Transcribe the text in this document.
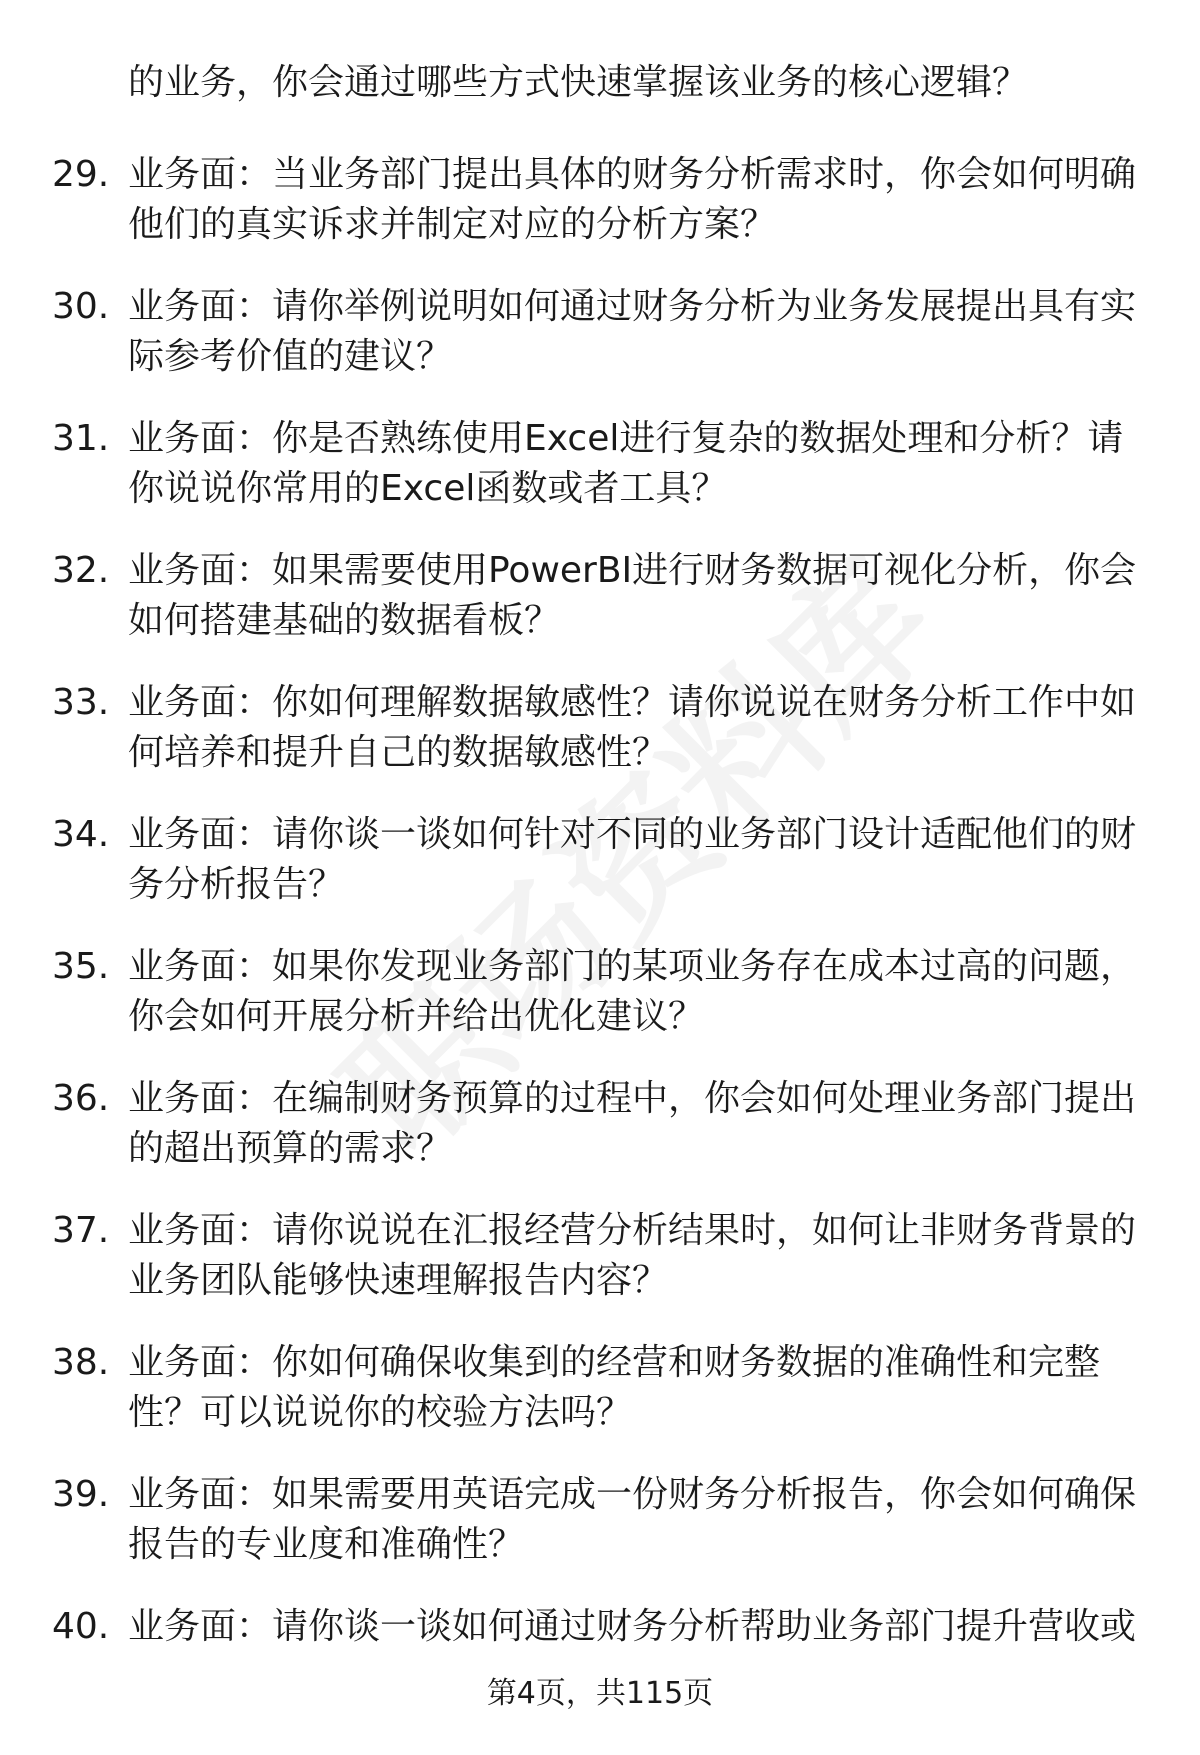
的业务，你会通过哪些方式快速掌握该业务的核心逻辑？
29. 业务面：当业务部门提出具体的财务分析需求时，你会如何明确他们的真实诉求并制定对应的分析方案？
30. 业务面：请你举例说明如何通过财务分析为业务发展提出具有实际参考价值的建议？
31. 业务面：你是否熟练使用Excel进行复杂的数据处理和分析？请你说说你常用的Excel函数或者工具？
32. 业务面：如果需要使用PowerBI进行财务数据可视化分析，你会如何搭建基础的数据看板？
33. 业务面：你如何理解数据敏感性？请你说说在财务分析工作中如何培养和提升自己的数据敏感性？
34. 业务面：请你谈一谈如何针对不同的业务部门设计适配他们的财务分析报告？
35. 业务面：如果你发现业务部门的某项业务存在成本过高的问题，你会如何开展分析并给出优化建议？
36. 业务面：在编制财务预算的过程中，你会如何处理业务部门提出的超出预算的需求？
37. 业务面：请你说说在汇报经营分析结果时，如何让非财务背景的业务团队能够快速理解报告内容？
38. 业务面：你如何确保收集到的经营和财务数据的准确性和完整性？可以说说你的校验方法吗？
39. 业务面：如果需要用英语完成一份财务分析报告，你会如何确保报告的专业度和准确性？
40. 业务面：请你谈一谈如何通过财务分析帮助业务部门提升营收或
第4页，共115页
